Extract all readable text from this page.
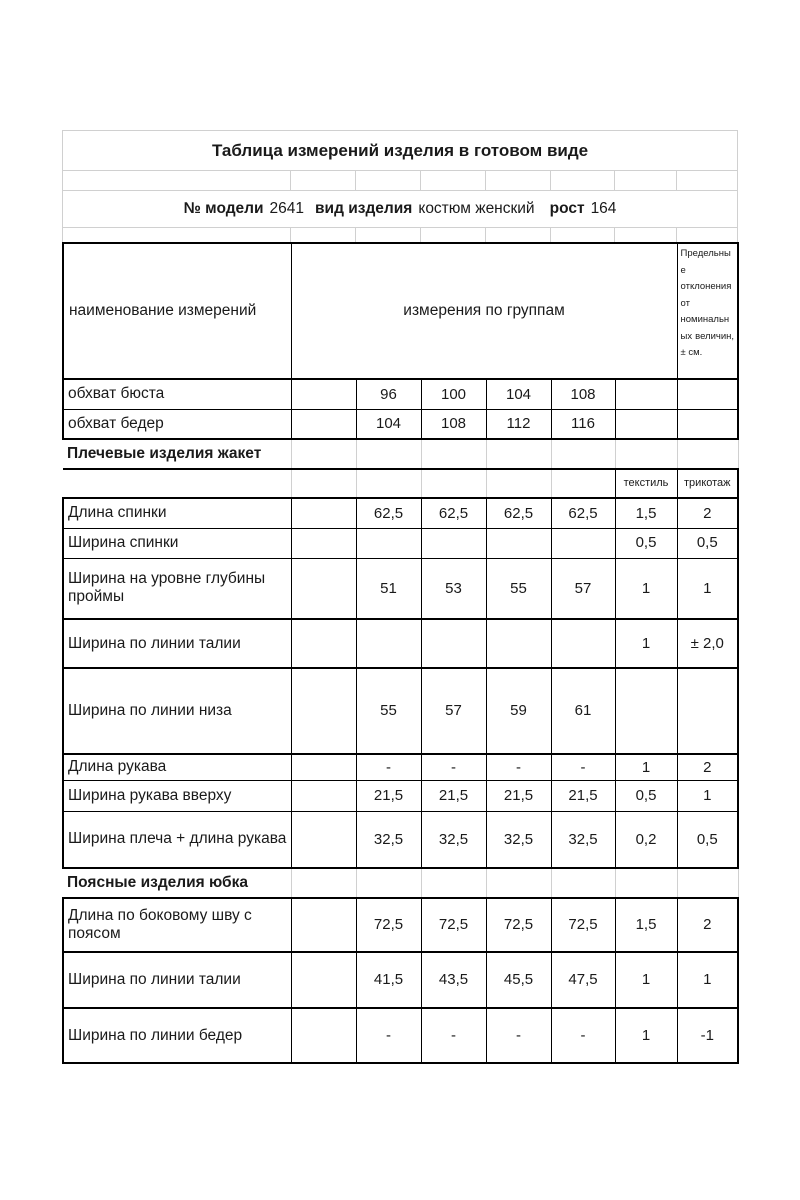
Таблица измерений изделия в готовом виде							

№ модели 2641 вид изделия костюм женский рост 164							

наименование измерений	измерения по группам						Предельные отклонения от номинальных величин, ± см.
обхват бюста		96	100	104	108		
обхват бедер		104	108	112	116		
Плечевые изделия жакет							
						текстиль	трикотаж
Длина спинки		62,5	62,5	62,5	62,5	1,5	2
Ширина спинки						0,5	0,5
Ширина на уровне глубины проймы		51	53	55	57	1	1
Ширина по линии талии						1	± 2,0
Ширина по линии низа		55	57	59	61		
Длина рукава		-	-	-	-	1	2
Ширина рукава вверху		21,5	21,5	21,5	21,5	0,5	1
Ширина плеча + длина рукава		32,5	32,5	32,5	32,5	0,2	0,5
Поясные изделия юбка							
Длина по боковому шву с поясом		72,5	72,5	72,5	72,5	1,5	2
Ширина по линии талии		41,5	43,5	45,5	47,5	1	1
Ширина по линии бедер		-	-	-	-	1	-1
